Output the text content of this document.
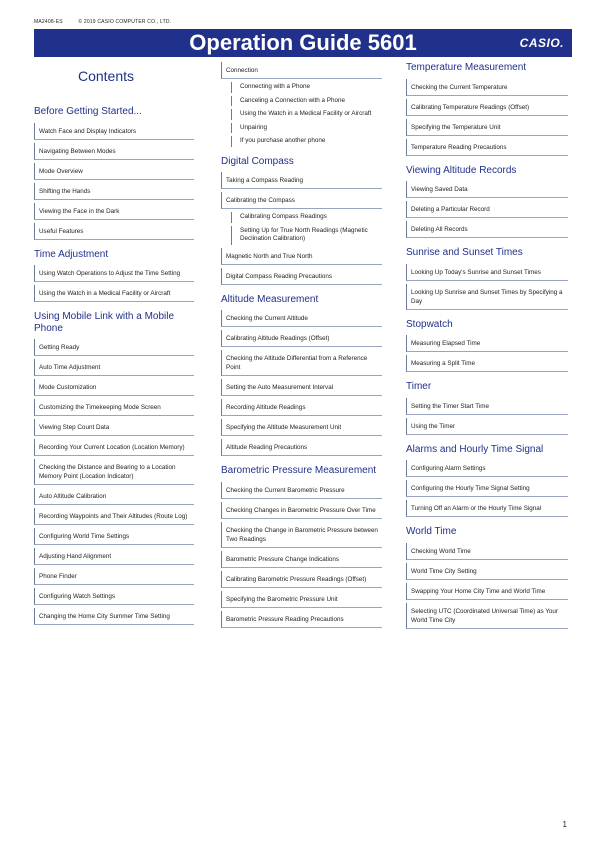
MA2408-ES	© 2019 CASIO COMPUTER CO., LTD.
Operation Guide 5601	CASIO.
Contents
Before Getting Started...
Watch Face and Display Indicators
Navigating Between Modes
Mode Overview
Shifting the Hands
Viewing the Face in the Dark
Useful Features
Time Adjustment
Using Watch Operations to Adjust the Time Setting
Using the Watch in a Medical Facility or Aircraft
Using Mobile Link with a Mobile Phone
Getting Ready
Auto Time Adjustment
Mode Customization
Customizing the Timekeeping Mode Screen
Viewing Step Count Data
Recording Your Current Location (Location Memory)
Checking the Distance and Bearing to a Location Memory Point (Location Indicator)
Auto Altitude Calibration
Recording Waypoints and Their Altitudes (Route Log)
Configuring World Time Settings
Adjusting Hand Alignment
Phone Finder
Configuring Watch Settings
Changing the Home City Summer Time Setting
Connection
Connecting with a Phone
Canceling a Connection with a Phone
Using the Watch in a Medical Facility or Aircraft
Unpairing
If you purchase another phone
Digital Compass
Taking a Compass Reading
Calibrating the Compass
Calibrating Compass Readings
Setting Up for True North Readings (Magnetic Declination Calibration)
Magnetic North and True North
Digital Compass Reading Precautions
Altitude Measurement
Checking the Current Altitude
Calibrating Altitude Readings (Offset)
Checking the Altitude Differential from a Reference Point
Setting the Auto Measurement Interval
Recording Altitude Readings
Specifying the Altitude Measurement Unit
Altitude Reading Precautions
Barometric Pressure Measurement
Checking the Current Barometric Pressure
Checking Changes in Barometric Pressure Over Time
Checking the Change in Barometric Pressure between Two Readings
Barometric Pressure Change Indications
Calibrating Barometric Pressure Readings (Offset)
Specifying the Barometric Pressure Unit
Barometric Pressure Reading Precautions
Temperature Measurement
Checking the Current Temperature
Calibrating Temperature Readings (Offset)
Specifying the Temperature Unit
Temperature Reading Precautions
Viewing Altitude Records
Viewing Saved Data
Deleting a Particular Record
Deleting All Records
Sunrise and Sunset Times
Looking Up Today's Sunrise and Sunset Times
Looking Up Sunrise and Sunset Times by Specifying a Day
Stopwatch
Measuring Elapsed Time
Measuring a Split Time
Timer
Setting the Timer Start Time
Using the Timer
Alarms and Hourly Time Signal
Configuring Alarm Settings
Configuring the Hourly Time Signal Setting
Turning Off an Alarm or the Hourly Time Signal
World Time
Checking World Time
World Time City Setting
Swapping Your Home City Time and World Time
Selecting UTC (Coordinated Universal Time) as Your World Time City
1
